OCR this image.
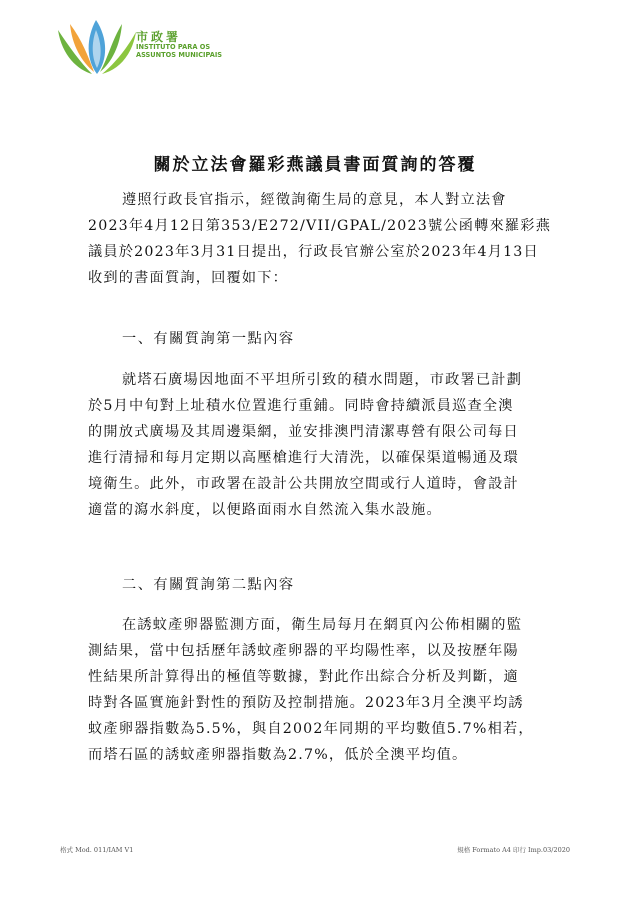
市政署
INSTITUTO PARA OS
ASSUNTOS MUNICIPAIS
關於立法會羅彩燕議員書面質詢的答覆
遵照行政長官指示，經徵詢衛生局的意見，本人對立法會
2023年4月12日第353/E272/VII/GPAL/2023號公函轉來羅彩燕
議員於2023年3月31日提出，行政長官辦公室於2023年4月13日
收到的書面質詢，回覆如下：
一、有關質詢第一點內容
就塔石廣場因地面不平坦所引致的積水問題，市政署已計劃
於5月中旬對上址積水位置進行重鋪。同時會持續派員巡查全澳
的開放式廣場及其周邊渠網，並安排澳門清潔專營有限公司每日
進行清掃和每月定期以高壓槍進行大清洗，以確保渠道暢通及環
境衛生。此外，市政署在設計公共開放空間或行人道時，會設計
適當的瀉水斜度，以便路面雨水自然流入集水設施。
二、有關質詢第二點內容
在誘蚊產卵器監測方面，衛生局每月在網頁內公佈相關的監
測結果，當中包括歷年誘蚊產卵器的平均陽性率，以及按歷年陽
性結果所計算得出的極值等數據，對此作出綜合分析及判斷，適
時對各區實施針對性的預防及控制措施。2023年3月全澳平均誘
蚊產卵器指數為5.5%，與自2002年同期的平均數值5.7%相若，
而塔石區的誘蚊產卵器指數為2.7%，低於全澳平均值。
格式 Mod. 011/IAM V1	規格 Formato A4 印行 Imp.03/2020
